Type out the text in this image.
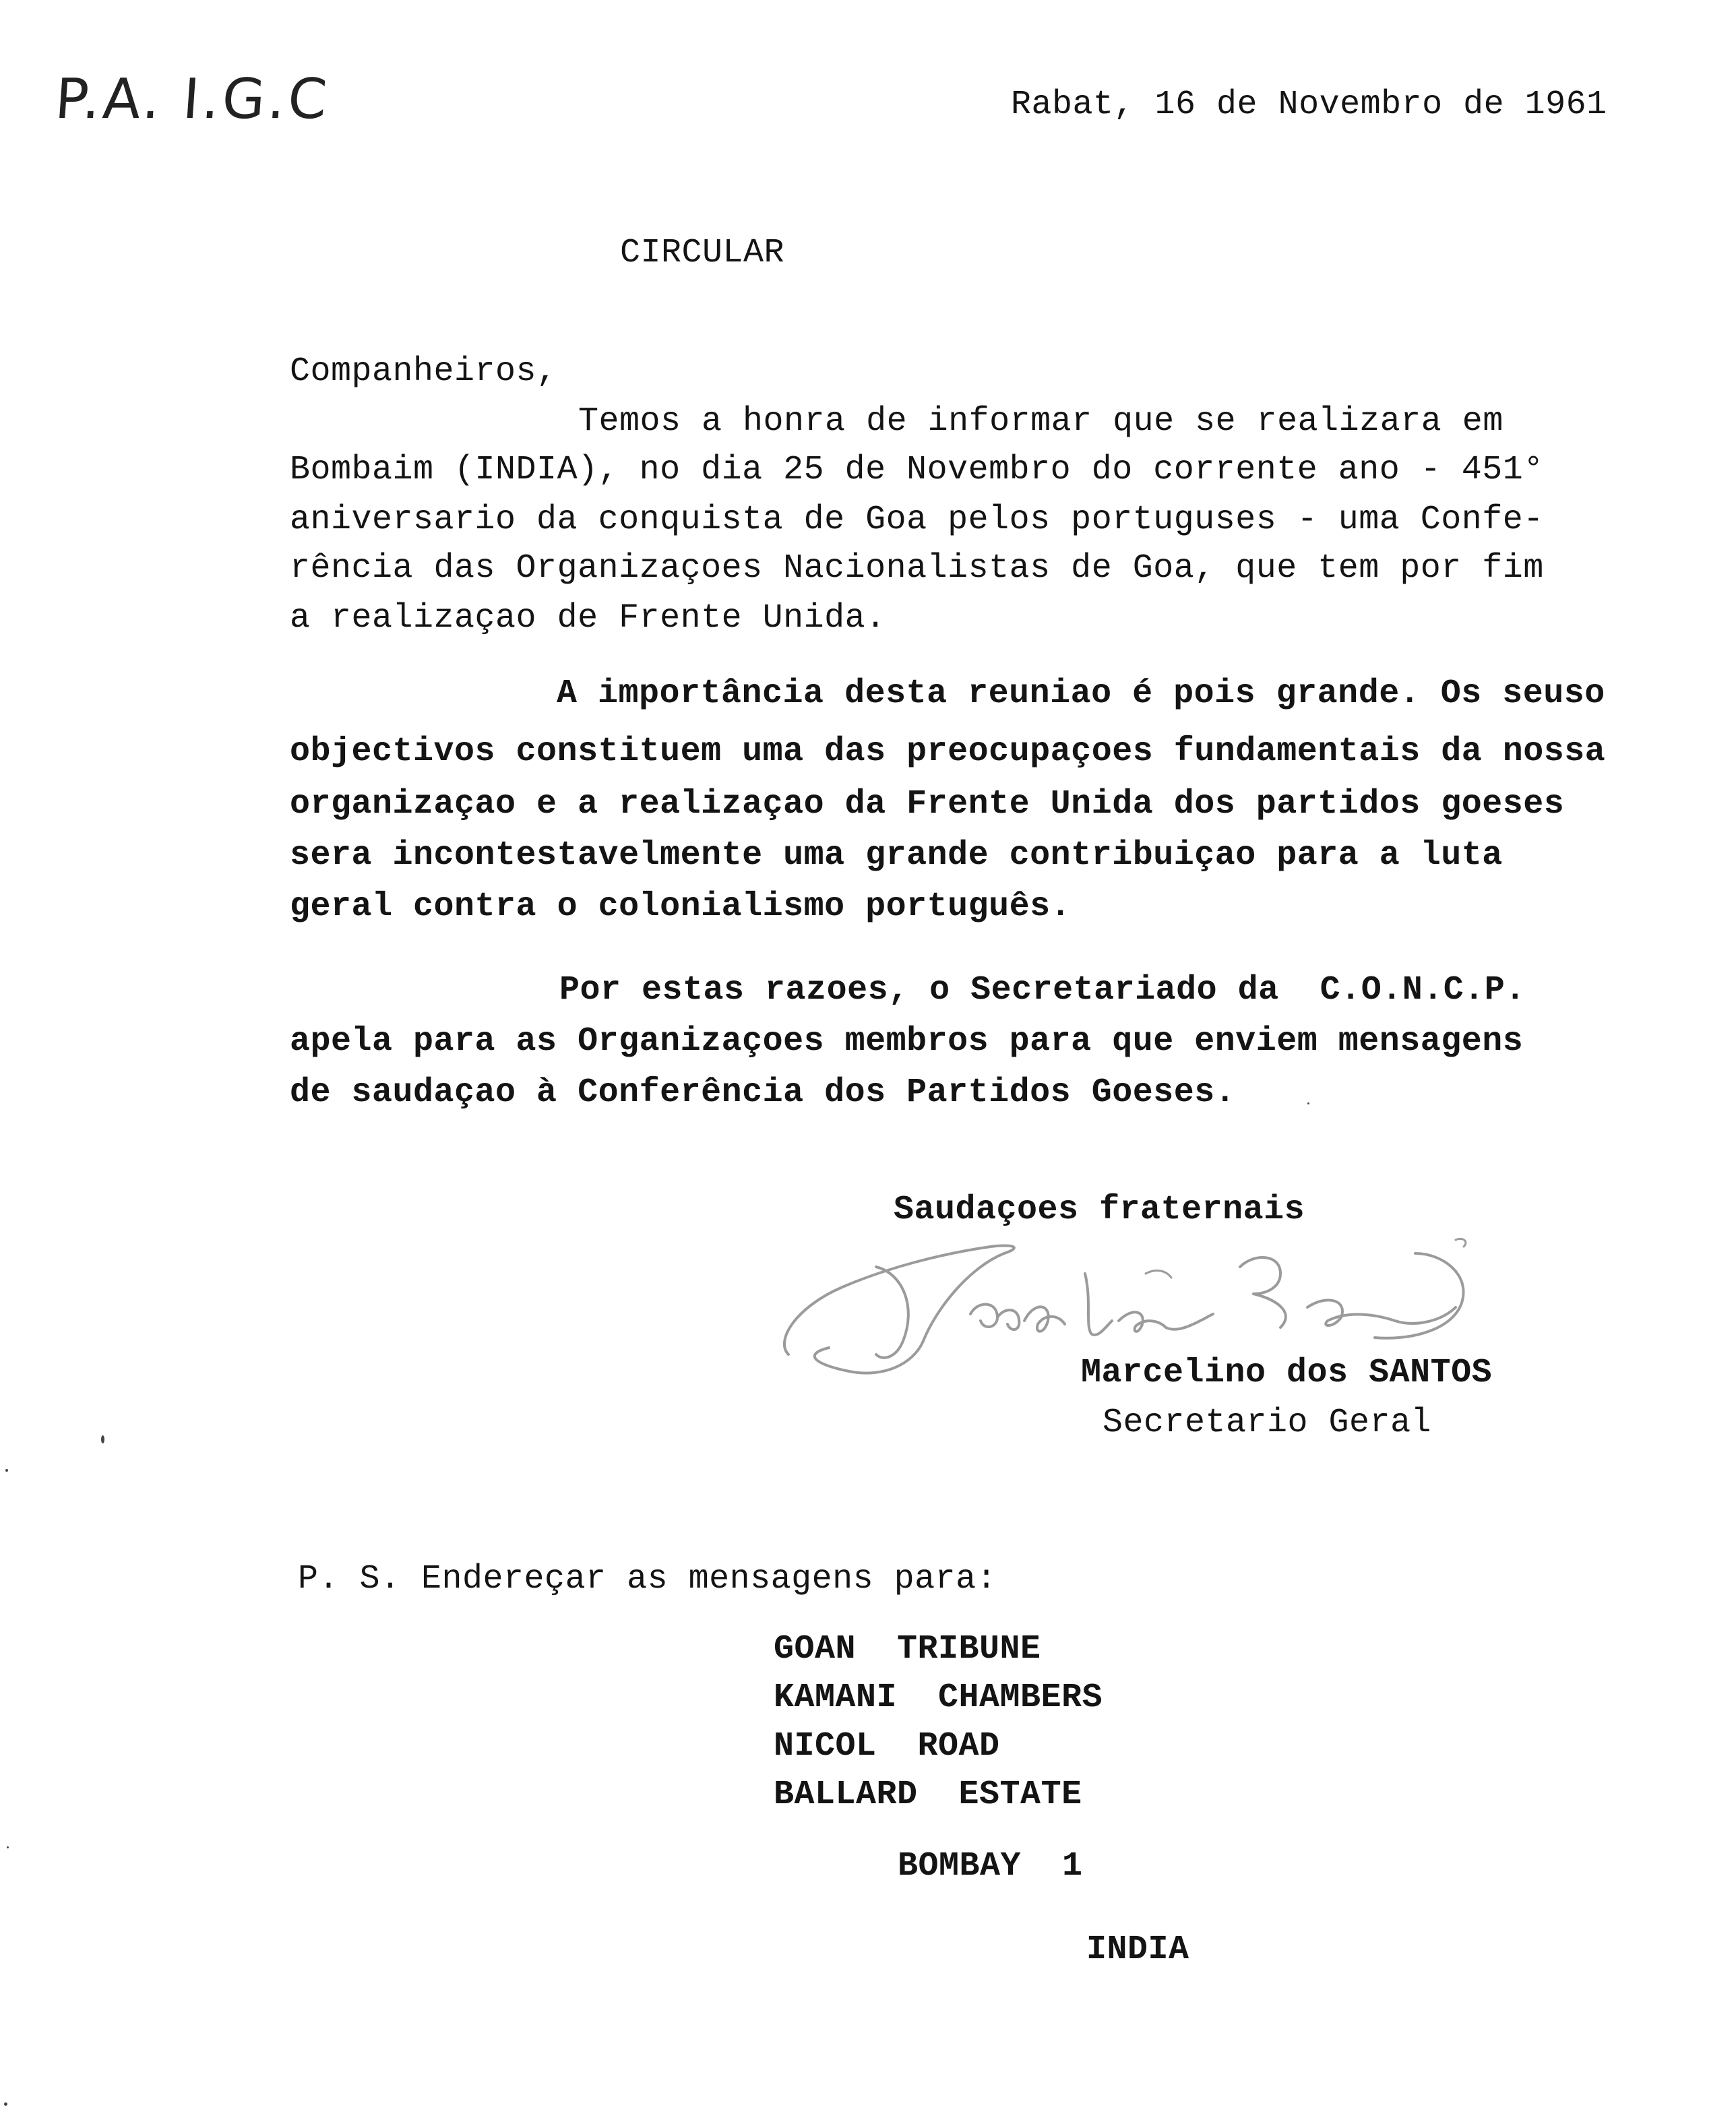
P.A. I.G.C	Rabat, 16 de Novembro de 1961
CIRCULAR
Companheiros,
Temos a honra de informar que se realizara em
Bombaim (INDIA), no dia 25 de Novembro do corrente ano - 451°
aniversario da conquista de Goa pelos portuguses - uma Confe-
rência das Organizaçoes Nacionalistas de Goa, que tem por fim
a realizaçao de Frente Unida.
A importância desta reuniao é pois grande. Os seuso
objectivos constituem uma das preocupaçoes fundamentais da nossa
organizaçao e a realizaçao da Frente Unida dos partidos goeses
sera incontestavelmente uma grande contribuiçao para a luta
geral contra o colonialismo português.
Por estas razoes, o Secretariado da  C.O.N.C.P.
apela para as Organizaçoes membros para que enviem mensagens
de saudaçao à Conferência dos Partidos Goeses.
Saudaçoes fraternais
Marcelino dos SANTOS
Secretario Geral
P. S. Endereçar as mensagens para:
GOAN  TRIBUNE
KAMANI  CHAMBERS
NICOL  ROAD
BALLARD  ESTATE
BOMBAY  1
INDIA
